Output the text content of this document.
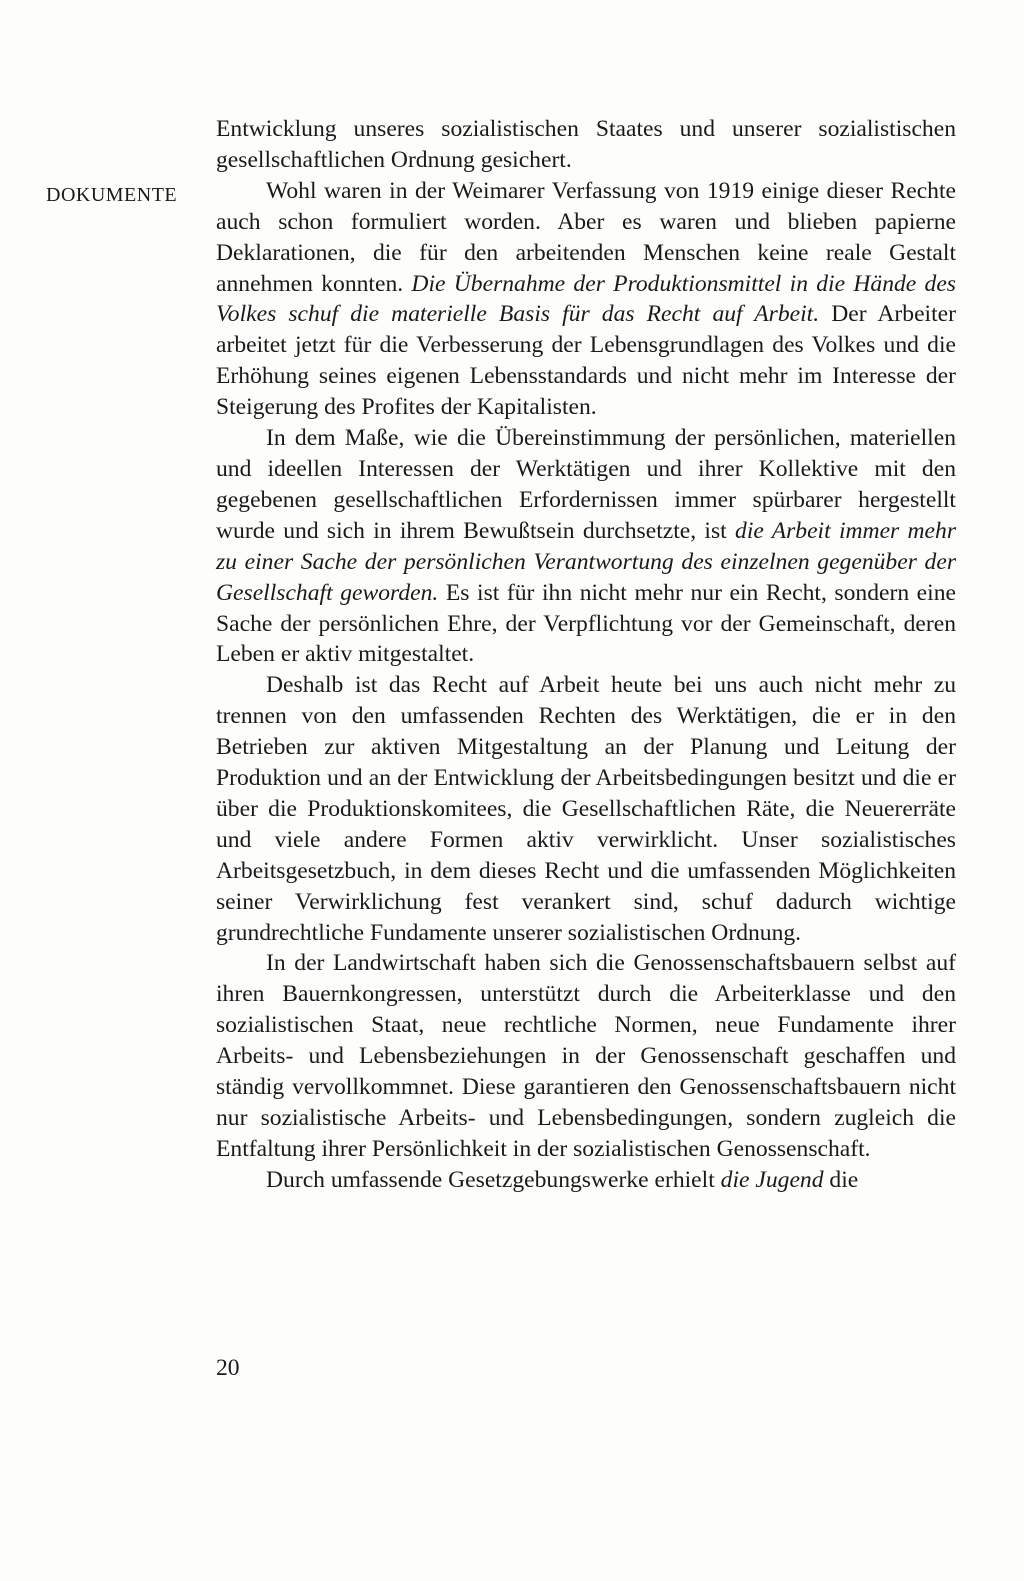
DOKUMENTE

Entwicklung unseres sozialistischen Staates und unserer sozialistischen gesellschaftlichen Ordnung gesichert.

Wohl waren in der Weimarer Verfassung von 1919 einige dieser Rechte auch schon formuliert worden. Aber es waren und blieben papierne Deklarationen, die für den arbeitenden Menschen keine reale Gestalt annehmen konnten. Die Übernahme der Produktionsmittel in die Hände des Volkes schuf die materielle Basis für das Recht auf Arbeit. Der Arbeiter arbeitet jetzt für die Verbesserung der Lebensgrundlagen des Volkes und die Erhöhung seines eigenen Lebensstandards und nicht mehr im Interesse der Steigerung des Profites der Kapitalisten.

In dem Maße, wie die Übereinstimmung der persönlichen, materiellen und ideellen Interessen der Werktätigen und ihrer Kollektive mit den gegebenen gesellschaftlichen Erfordernissen immer spürbarer hergestellt wurde und sich in ihrem Bewußtsein durchsetzte, ist die Arbeit immer mehr zu einer Sache der persönlichen Verantwortung des einzelnen gegenüber der Gesellschaft geworden. Es ist für ihn nicht mehr nur ein Recht, sondern eine Sache der persönlichen Ehre, der Verpflichtung vor der Gemeinschaft, deren Leben er aktiv mitgestaltet.

Deshalb ist das Recht auf Arbeit heute bei uns auch nicht mehr zu trennen von den umfassenden Rechten des Werktätigen, die er in den Betrieben zur aktiven Mitgestaltung an der Planung und Leitung der Produktion und an der Entwicklung der Arbeitsbedingungen besitzt und die er über die Produktionskomitees, die Gesellschaftlichen Räte, die Neuererräte und viele andere Formen aktiv verwirklicht. Unser sozialistisches Arbeitsgesetzbuch, in dem dieses Recht und die umfassenden Möglichkeiten seiner Verwirklichung fest verankert sind, schuf dadurch wichtige grundrechtliche Fundamente unserer sozialistischen Ordnung.

In der Landwirtschaft haben sich die Genossenschaftsbauern selbst auf ihren Bauernkongressen, unterstützt durch die Arbeiterklasse und den sozialistischen Staat, neue rechtliche Normen, neue Fundamente ihrer Arbeits- und Lebensbeziehungen in der Genossenschaft geschaffen und ständig vervollkommnet. Diese garantieren den Genossenschaftsbauern nicht nur sozialistische Arbeits- und Lebensbedingungen, sondern zugleich die Entfaltung ihrer Persönlichkeit in der sozialistischen Genossenschaft.

Durch umfassende Gesetzgebungswerke erhielt die Jugend die

20
